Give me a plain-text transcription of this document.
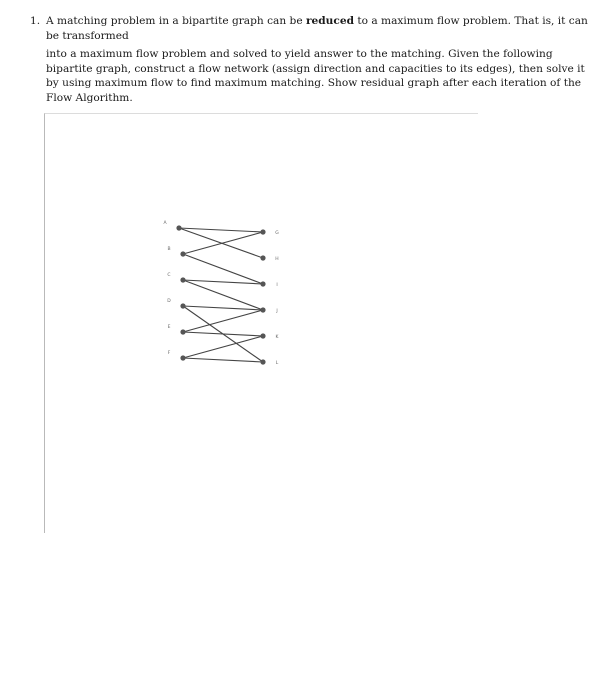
1. A matching problem in a bipartite graph can be reduced to a maximum flow problem. That is, it can be transformed

into a maximum flow problem and solved to yield answer to the matching. Given the following bipartite graph, construct a flow network (assign direction and capacities to its edges), then solve it by using maximum flow to find maximum matching. Show residual graph after each iteration of the Flow Algorithm.

A
B
C
D
E
F
G
H
I
J
K
L
